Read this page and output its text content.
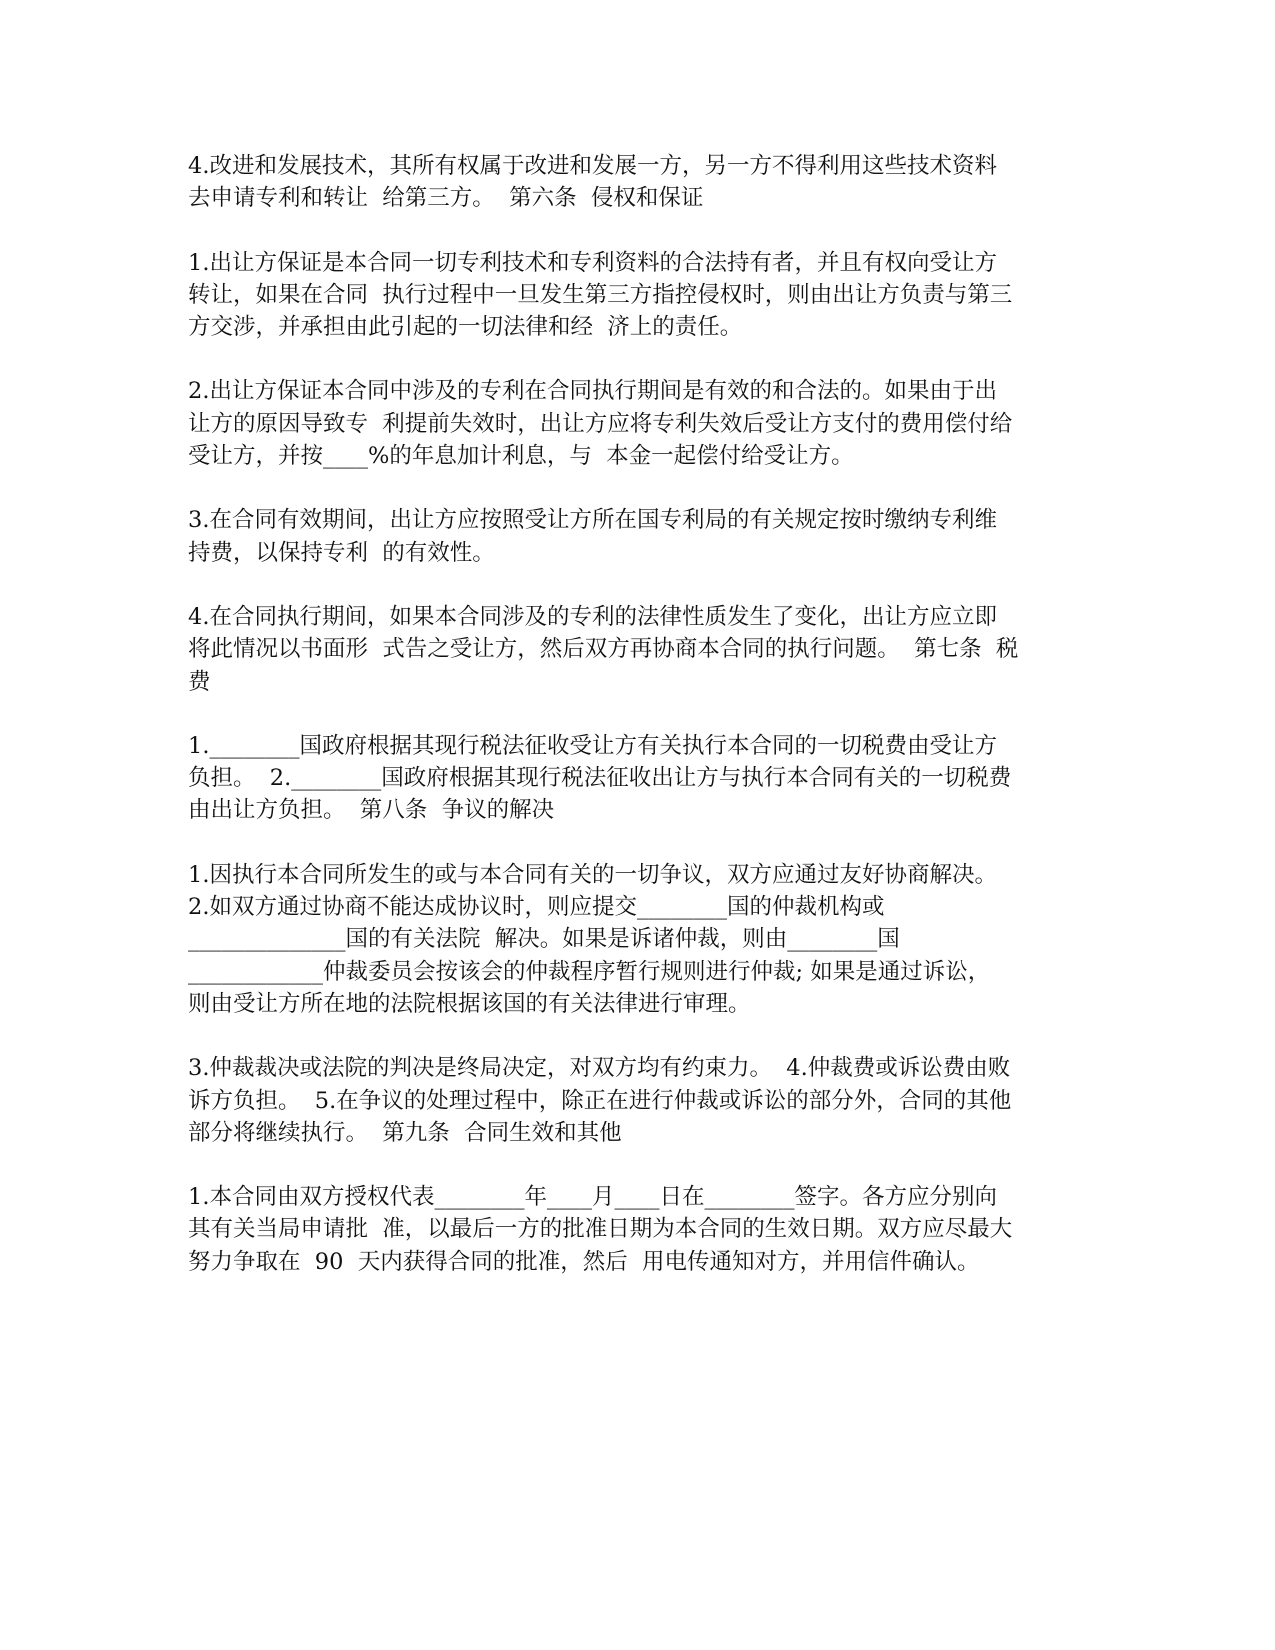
4.改进和发展技术，其所有权属于改进和发展一方，另一方不得利用这些技术资料
去申请专利和转让  给第三方。  第六条  侵权和保证

1.出让方保证是本合同一切专利技术和专利资料的合法持有者，并且有权向受让方
转让，如果在合同  执行过程中一旦发生第三方指控侵权时，则由出让方负责与第三
方交涉，并承担由此引起的一切法律和经  济上的责任。

2.出让方保证本合同中涉及的专利在合同执行期间是有效的和合法的。如果由于出
让方的原因导致专  利提前失效时，出让方应将专利失效后受让方支付的费用偿付给
受让方，并按____%的年息加计利息，与  本金一起偿付给受让方。

3.在合同有效期间，出让方应按照受让方所在国专利局的有关规定按时缴纳专利维
持费，以保持专利  的有效性。

4.在合同执行期间，如果本合同涉及的专利的法律性质发生了变化，出让方应立即
将此情况以书面形  式告之受让方，然后双方再协商本合同的执行问题。  第七条  税
费

1.________国政府根据其现行税法征收受让方有关执行本合同的一切税费由受让方
负担。  2.________国政府根据其现行税法征收出让方与执行本合同有关的一切税费
由出让方负担。  第八条  争议的解决

1.因执行本合同所发生的或与本合同有关的一切争议，双方应通过友好协商解决。
2.如双方通过协商不能达成协议时，则应提交________国的仲裁机构或
______________国的有关法院  解决。如果是诉诸仲裁，则由________国
____________仲裁委员会按该会的仲裁程序暂行规则进行仲裁; 如果是通过诉讼，
则由受让方所在地的法院根据该国的有关法律进行审理。

3.仲裁裁决或法院的判决是终局决定，对双方均有约束力。  4.仲裁费或诉讼费由败
诉方负担。  5.在争议的处理过程中，除正在进行仲裁或诉讼的部分外，合同的其他
部分将继续执行。  第九条  合同生效和其他

1.本合同由双方授权代表________年____月____日在________签字。各方应分别向
其有关当局申请批  准，以最后一方的批准日期为本合同的生效日期。双方应尽最大
努力争取在  90  天内获得合同的批准，然后  用电传通知对方，并用信件确认。
